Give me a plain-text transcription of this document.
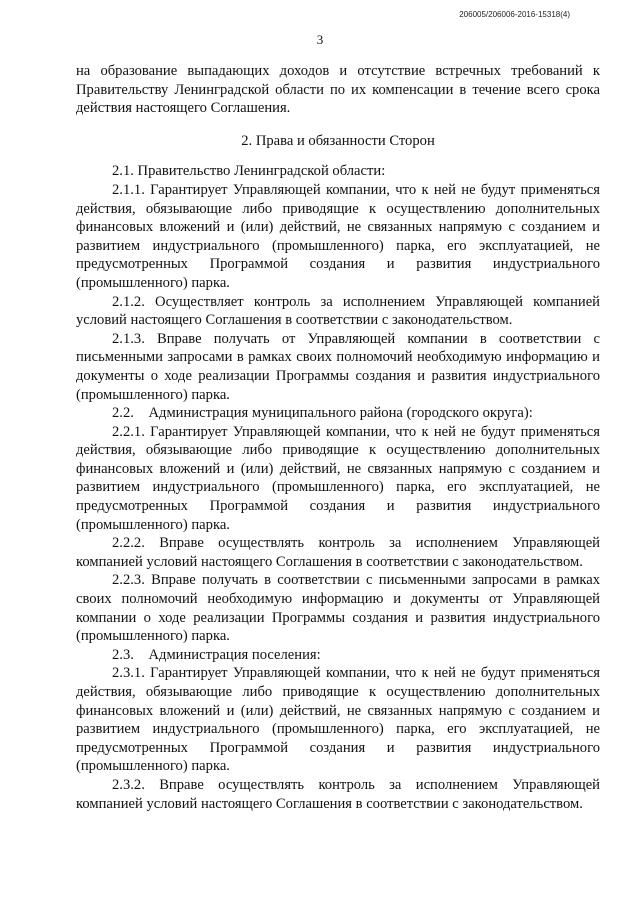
206005/206006-2016-15318(4)
3

на образование выпадающих доходов и отсутствие встречных требований к Правительству Ленинградской области по их компенсации в течение всего срока действия настоящего Соглашения.

2. Права и обязанности Сторон

2.1. Правительство Ленинградской области:

2.1.1. Гарантирует Управляющей компании, что к ней не будут применяться действия, обязывающие либо приводящие к осуществлению дополнительных финансовых вложений и (или) действий, не связанных напрямую с созданием и развитием индустриального (промышленного) парка, его эксплуатацией, не предусмотренных Программой создания и развития индустриального (промышленного) парка.

2.1.2. Осуществляет контроль за исполнением Управляющей компанией условий настоящего Соглашения в соответствии с законодательством.

2.1.3. Вправе получать от Управляющей компании в соответствии с письменными запросами в рамках своих полномочий необходимую информацию и документы о ходе реализации Программы создания и развития индустриального (промышленного) парка.

2.2.    Администрация муниципального района (городского округа):

2.2.1. Гарантирует Управляющей компании, что к ней не будут применяться действия, обязывающие либо приводящие к осуществлению дополнительных финансовых вложений и (или) действий, не связанных напрямую с созданием и развитием индустриального (промышленного) парка, его эксплуатацией, не предусмотренных Программой создания и развития индустриального (промышленного) парка.

2.2.2. Вправе осуществлять контроль за исполнением Управляющей компанией условий настоящего Соглашения в соответствии с законодательством.

2.2.3. Вправе получать в соответствии с письменными запросами в рамках своих полномочий необходимую информацию и документы от Управляющей компании о ходе реализации Программы создания и развития индустриального (промышленного) парка.

2.3.    Администрация поселения:

2.3.1. Гарантирует Управляющей компании, что к ней не будут применяться действия, обязывающие либо приводящие к осуществлению дополнительных финансовых вложений и (или) действий, не связанных напрямую с созданием и развитием индустриального (промышленного) парка, его эксплуатацией, не предусмотренных Программой создания и развития индустриального (промышленного) парка.

2.3.2. Вправе осуществлять контроль за исполнением Управляющей компанией условий настоящего Соглашения в соответствии с законодательством.
